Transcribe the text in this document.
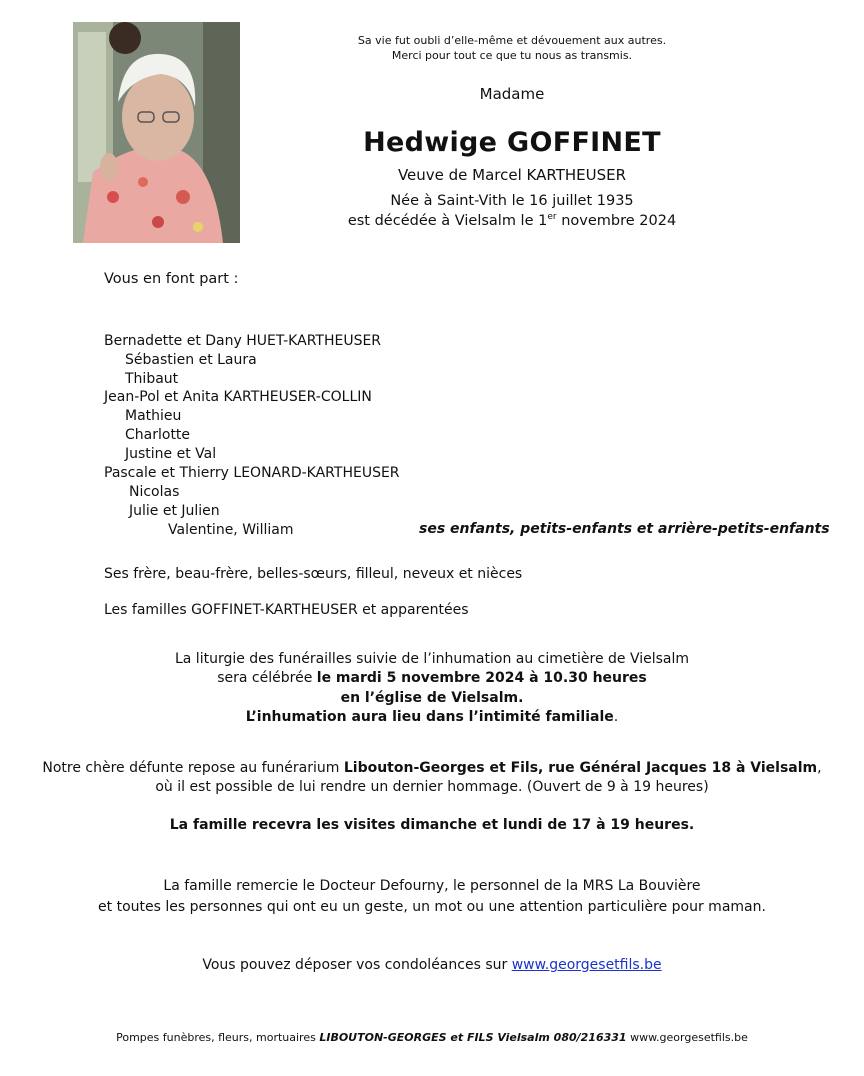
Sa vie fut oubli d’elle-même et dévouement aux autres.
Merci pour tout ce que tu nous as transmis.
Madame
Hedwige GOFFINET
Veuve de Marcel KARTHEUSER
Née à Saint-Vith le 16 juillet 1935
est décédée à Vielsalm le 1er novembre 2024
Vous en font part :
Bernadette et Dany HUET-KARTHEUSER
Sébastien et Laura
Thibaut
Jean-Pol et Anita KARTHEUSER-COLLIN
Mathieu
Charlotte
Justine et Val
Pascale et Thierry LEONARD-KARTHEUSER
Nicolas
Julie et Julien
Valentine, William	ses enfants, petits-enfants et arrière-petits-enfants
Ses frère, beau-frère, belles-sœurs, filleul, neveux et nièces
Les familles GOFFINET-KARTHEUSER et apparentées
La liturgie des funérailles suivie de l’inhumation au cimetière de Vielsalm
sera célébrée le mardi 5 novembre 2024 à 10.30 heures
en l’église de Vielsalm.
L’inhumation aura lieu dans l’intimité familiale.
Notre chère défunte repose au funérarium Libouton-Georges et Fils, rue Général Jacques 18 à Vielsalm,
où il est possible de lui rendre un dernier hommage. (Ouvert de 9 à 19 heures)
La famille recevra les visites dimanche et lundi de 17 à 19 heures.
La famille remercie le Docteur Defourny, le personnel de la MRS La Bouvière
et toutes les personnes qui ont eu un geste, un mot ou une attention particulière pour maman.
Vous pouvez déposer vos condoléances sur www.georgesetfils.be
Pompes funèbres, fleurs, mortuaires LIBOUTON-GEORGES et FILS Vielsalm 080/216331 www.georgesetfils.be
